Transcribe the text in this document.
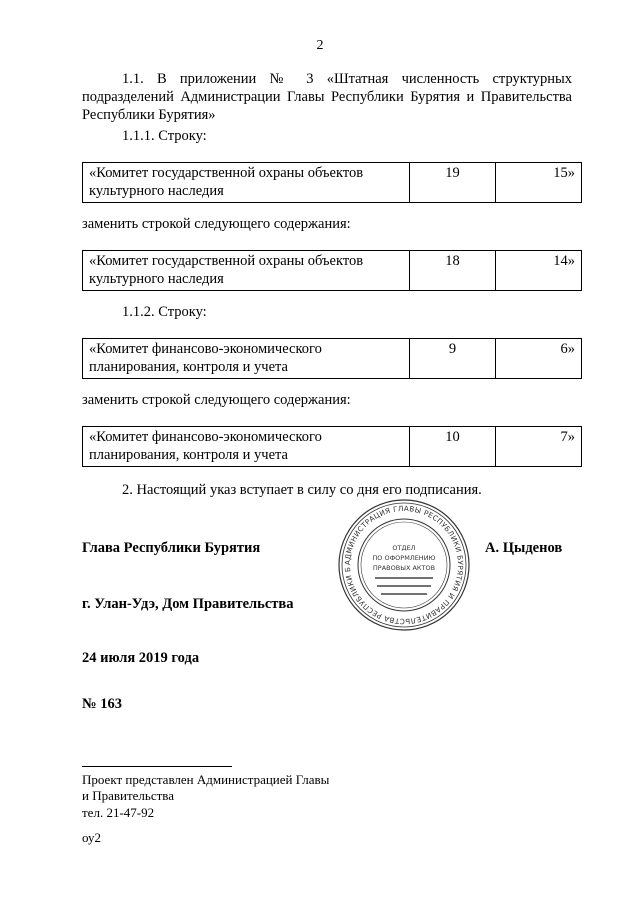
2
1.1. В приложении № 3 «Штатная численность структурных подразделений Администрации Главы Республики Бурятия и Правительства Республики Бурятия»
1.1.1. Строку:
«Комитет государственной охраны объектов культурного наследия	19	15»
заменить строкой следующего содержания:
«Комитет государственной охраны объектов культурного наследия	18	14»
1.1.2. Строку:
«Комитет финансово-экономического планирования, контроля и учета	9	6»
заменить строкой следующего содержания:
«Комитет финансово-экономического планирования, контроля и учета	10	7»
2. Настоящий указ вступает в силу со дня его подписания.
Глава Республики Бурятия	А. Цыденов
г. Улан-Удэ, Дом Правительства
24 июля 2019 года
№ 163
АДМИНИСТРАЦИЯ ГЛАВЫ РЕСПУБЛИКИ БУРЯТИЯ И ПРАВИТЕЛЬСТВА РЕСПУБЛИКИ Б
ОТДЕЛ
ПО ОФОРМЛЕНИЮ
ПРАВОВЫХ АКТОВ
Проект представлен Администрацией Главы
и Правительства
тел. 21-47-92
оу2
